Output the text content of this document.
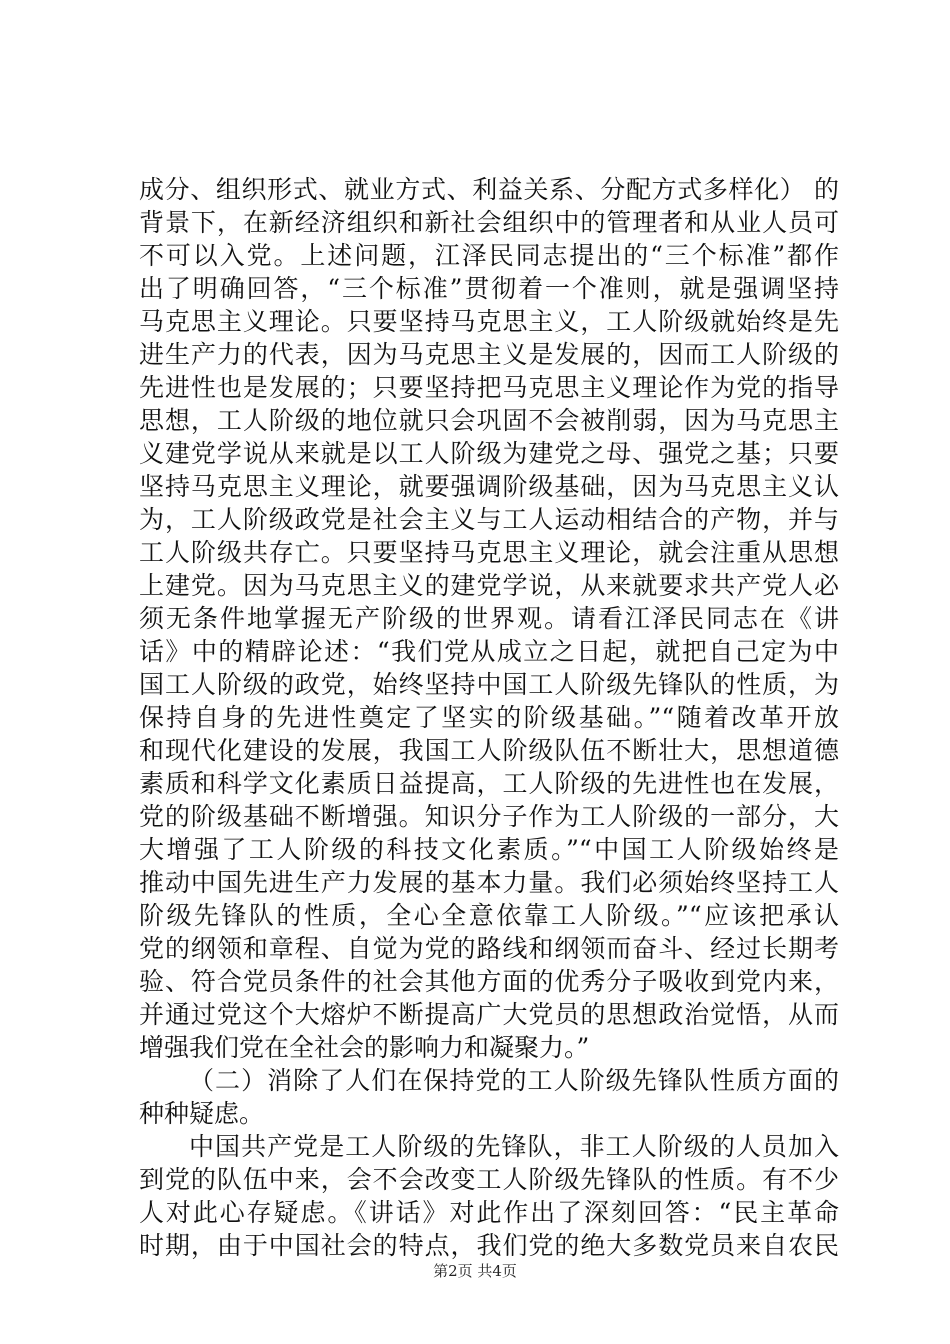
成分、组织形式、就业方式、利益关系、分配方式多样化） 的
背景下，在新经济组织和新社会组织中的管理者和从业人员可
不可以入党。上述问题，江泽民同志提出的“三个标准”都作
出了明确回答，“三个标准”贯彻着一个准则，就是强调坚持
马克思主义理论。只要坚持马克思主义，工人阶级就始终是先
进生产力的代表，因为马克思主义是发展的，因而工人阶级的
先进性也是发展的；只要坚持把马克思主义理论作为党的指导
思想，工人阶级的地位就只会巩固不会被削弱，因为马克思主
义建党学说从来就是以工人阶级为建党之母、强党之基；只要
坚持马克思主义理论，就要强调阶级基础，因为马克思主义认
为，工人阶级政党是社会主义与工人运动相结合的产物，并与
工人阶级共存亡。只要坚持马克思主义理论，就会注重从思想
上建党。因为马克思主义的建党学说，从来就要求共产党人必
须无条件地掌握无产阶级的世界观。请看江泽民同志在《讲
话》中的精辟论述：“我们党从成立之日起，就把自己定为中
国工人阶级的政党，始终坚持中国工人阶级先锋队的性质，为
保持自身的先进性奠定了坚实的阶级基础。”“随着改革开放
和现代化建设的发展，我国工人阶级队伍不断壮大，思想道德
素质和科学文化素质日益提高，工人阶级的先进性也在发展，
党的阶级基础不断增强。知识分子作为工人阶级的一部分，大
大增强了工人阶级的科技文化素质。”“中国工人阶级始终是
推动中国先进生产力发展的基本力量。我们必须始终坚持工人
阶级先锋队的性质，全心全意依靠工人阶级。”“应该把承认
党的纲领和章程、自觉为党的路线和纲领而奋斗、经过长期考
验、符合党员条件的社会其他方面的优秀分子吸收到党内来，
并通过党这个大熔炉不断提高广大党员的思想政治觉悟，从而
增强我们党在全社会的影响力和凝聚力。”
（二）消除了人们在保持党的工人阶级先锋队性质方面的
种种疑虑。
中国共产党是工人阶级的先锋队，非工人阶级的人员加入
到党的队伍中来，会不会改变工人阶级先锋队的性质。有不少
人对此心存疑虑。《讲话》对此作出了深刻回答：“民主革命
时期，由于中国社会的特点，我们党的绝大多数党员来自农民
第2页 共4页
